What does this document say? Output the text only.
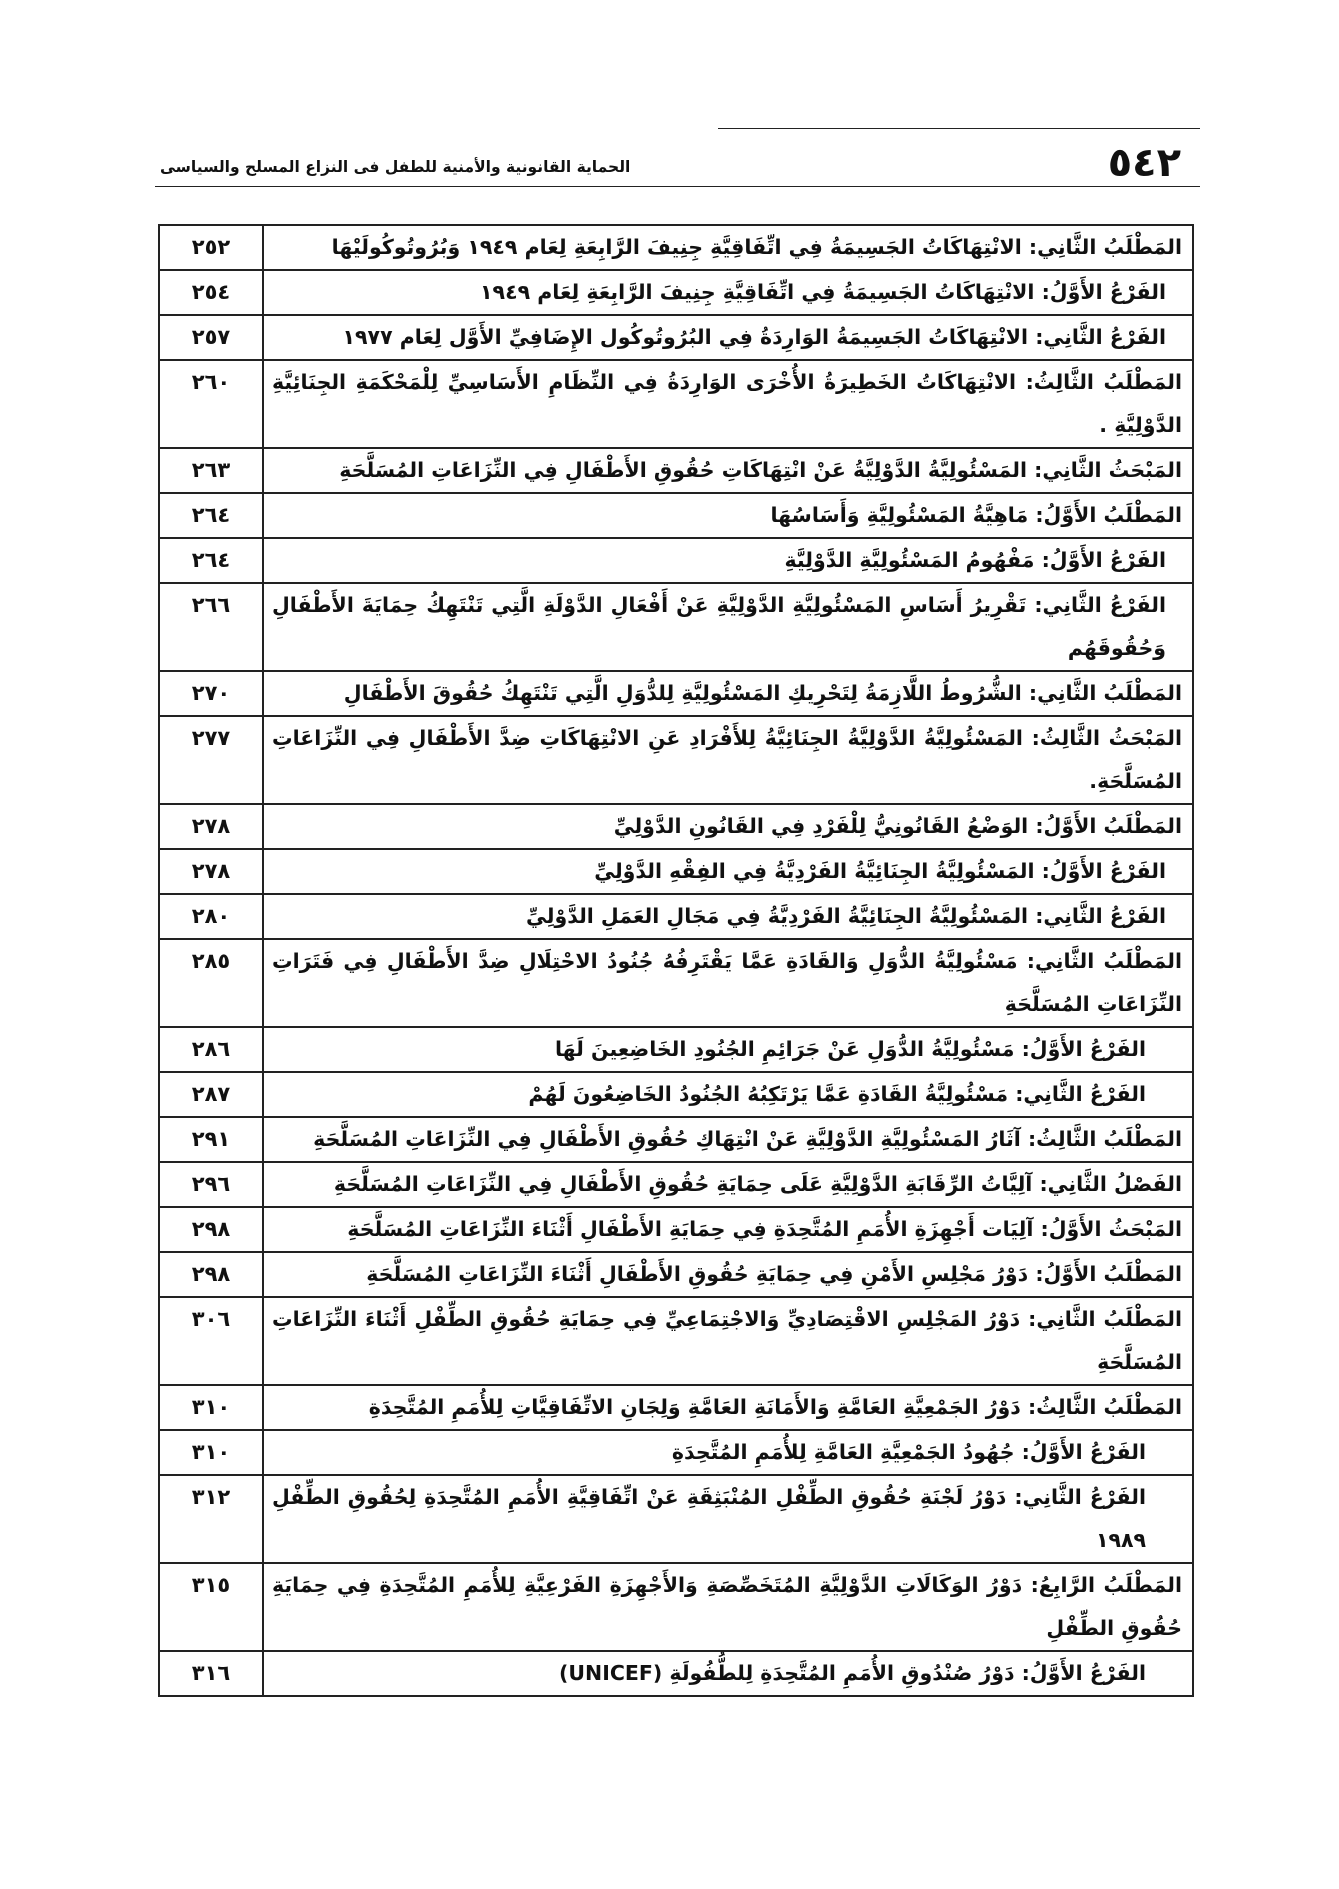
٥٤٢
الحماية القانونية والأمنية للطفل فى النزاع المسلح والسياسى
المَطْلَبُ الثَّانِي: الانْتِهَاكَاتُ الجَسِيمَةُ فِي اتِّفَاقِيَّةِ جِنِيفَ الرَّابِعَةِ لِعَام ١٩٤٩ وَبُرُوتُوكُولَيْهَا	٢٥٢
الفَرْعُ الأَوَّلُ: الانْتِهَاكَاتُ الجَسِيمَةُ فِي اتِّفَاقِيَّةِ جِنِيفَ الرَّابِعَةِ لِعَام ١٩٤٩	٢٥٤
الفَرْعُ الثَّانِي: الانْتِهَاكَاتُ الجَسِيمَةُ الوَارِدَةُ فِي البُرُوتُوكُول الإِضَافِيِّ الأَوَّل لِعَام ١٩٧٧	٢٥٧
المَطْلَبُ الثَّالِثُ: الانْتِهَاكَاتُ الخَطِيرَةُ الأُخْرَى الوَارِدَةُ فِي النِّظَامِ الأَسَاسِيِّ لِلْمَحْكَمَةِ الجِنَائِيَّةِ الدَّوْلِيَّةِ .	٢٦٠
المَبْحَثُ الثَّانِي: المَسْئُولِيَّةُ الدَّوْلِيَّةُ عَنْ انْتِهَاكَاتِ حُقُوقِ الأَطْفَالِ فِي النِّزَاعَاتِ المُسَلَّحَةِ	٢٦٣
المَطْلَبُ الأَوَّلُ: مَاهِيَّةُ المَسْئُولِيَّةِ وَأَسَاسُهَا	٢٦٤
الفَرْعُ الأَوَّلُ: مَفْهُومُ المَسْئُولِيَّةِ الدَّوْلِيَّةِ	٢٦٤
الفَرْعُ الثَّانِي: تَقْرِيرُ أَسَاسِ المَسْئُولِيَّةِ الدَّوْلِيَّةِ عَنْ أَفْعَالِ الدَّوْلَةِ الَّتِي تَنْتَهِكُ حِمَايَةَ الأَطْفَالِ وَحُقُوقَهُم	٢٦٦
المَطْلَبُ الثَّانِي: الشُّرُوطُ اللَّازِمَةُ لِتَحْرِيكِ المَسْئُولِيَّةِ لِلدُّوَلِ الَّتِي تَنْتَهِكُ حُقُوقَ الأَطْفَالِ	٢٧٠
المَبْحَثُ الثَّالِثُ: المَسْئُولِيَّةُ الدَّوْلِيَّةُ الجِنَائِيَّةُ لِلأَفْرَادِ عَنِ الانْتِهَاكَاتِ ضِدَّ الأَطْفَالِ فِي النِّزَاعَاتِ المُسَلَّحَةِ.	٢٧٧
المَطْلَبُ الأَوَّلُ: الوَضْعُ القَانُونِيُّ لِلْفَرْدِ فِي القَانُونِ الدَّوْلِيِّ	٢٧٨
الفَرْعُ الأَوَّلُ: المَسْئُولِيَّةُ الجِنَائِيَّةُ الفَرْدِيَّةُ فِي الفِقْهِ الدَّوْلِيِّ	٢٧٨
الفَرْعُ الثَّانِي: المَسْئُولِيَّةُ الجِنَائِيَّةُ الفَرْدِيَّةُ فِي مَجَالِ العَمَلِ الدَّوْلِيِّ	٢٨٠
المَطْلَبُ الثَّانِي: مَسْئُولِيَّةُ الدُّوَلِ وَالقَادَةِ عَمَّا يَقْتَرِفُهُ جُنُودُ الاحْتِلَالِ ضِدَّ الأَطْفَالِ فِي فَتَرَاتِ النِّزَاعَاتِ المُسَلَّحَةِ	٢٨٥
الفَرْعُ الأَوَّلُ: مَسْئُولِيَّةُ الدُّوَلِ عَنْ جَرَائِمِ الجُنُودِ الخَاضِعِينَ لَهَا	٢٨٦
الفَرْعُ الثَّانِي: مَسْئُولِيَّةُ القَادَةِ عَمَّا يَرْتَكِبُهُ الجُنُودُ الخَاضِعُونَ لَهُمْ	٢٨٧
المَطْلَبُ الثَّالِثُ: آثَارُ المَسْئُولِيَّةِ الدَّوْلِيَّةِ عَنْ انْتِهَاكِ حُقُوقِ الأَطْفَالِ فِي النِّزَاعَاتِ المُسَلَّحَةِ	٢٩١
الفَصْلُ الثَّانِي: آلِيَّاتُ الرِّقَابَةِ الدَّوْلِيَّةِ عَلَى حِمَايَةِ حُقُوقِ الأَطْفَالِ فِي النِّزَاعَاتِ المُسَلَّحَةِ	٢٩٦
المَبْحَثُ الأَوَّلُ: آلِيَات أَجْهِزَةِ الأُمَمِ المُتَّحِدَةِ فِي حِمَايَةِ الأَطْفَالِ أَثْنَاءَ النِّزَاعَاتِ المُسَلَّحَةِ	٢٩٨
المَطْلَبُ الأَوَّلُ: دَوْرُ مَجْلِسِ الأَمْنِ فِي حِمَايَةِ حُقُوقِ الأَطْفَالِ أَثْنَاءَ النِّزَاعَاتِ المُسَلَّحَةِ	٢٩٨
المَطْلَبُ الثَّانِي: دَوْرُ المَجْلِسِ الاقْتِصَادِيِّ وَالاجْتِمَاعِيِّ فِي حِمَايَةِ حُقُوقِ الطِّفْلِ أَثْنَاءَ النِّزَاعَاتِ المُسَلَّحَةِ	٣٠٦
المَطْلَبُ الثَّالِثُ: دَوْرُ الجَمْعِيَّةِ العَامَّةِ وَالأَمَانَةِ العَامَّةِ وَلِجَانِ الاتِّفَاقِيَّاتِ لِلأُمَمِ المُتَّحِدَةِ	٣١٠
الفَرْعُ الأَوَّلُ: جُهُودُ الجَمْعِيَّةِ العَامَّةِ لِلأُمَمِ المُتَّحِدَةِ	٣١٠
الفَرْعُ الثَّانِي: دَوْرُ لَجْنَةِ حُقُوقِ الطِّفْلِ المُنْبَثِقَةِ عَنْ اتِّفَاقِيَّةِ الأُمَمِ المُتَّحِدَةِ لِحُقُوقِ الطِّفْلِ ١٩٨٩	٣١٢
المَطْلَبُ الرَّابِعُ: دَوْرُ الوَكَالَاتِ الدَّوْلِيَّةِ المُتَخَصِّصَةِ وَالأَجْهِزَةِ الفَرْعِيَّةِ لِلأُمَمِ المُتَّحِدَةِ فِي حِمَايَةِ حُقُوقِ الطِّفْلِ	٣١٥
الفَرْعُ الأَوَّلُ: دَوْرُ صُنْدُوقِ الأُمَمِ المُتَّحِدَةِ لِلطُّفُولَةِ (UNICEF)	٣١٦
